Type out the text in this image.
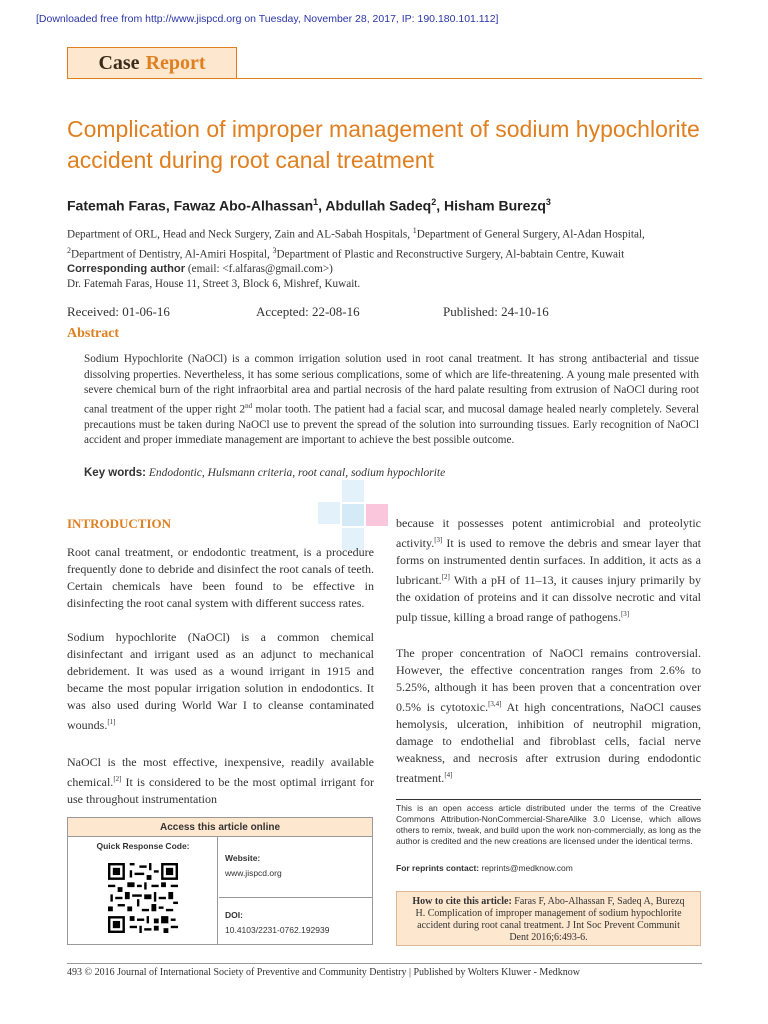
[Downloaded free from http://www.jispcd.org on Tuesday, November 28, 2017, IP: 190.180.101.112]
Case Report
Complication of improper management of sodium hypochlorite accident during root canal treatment
Fatemah Faras, Fawaz Abo-Alhassan$^1$, Abdullah Sadeq$^2$, Hisham Burezq$^3$
Department of ORL, Head and Neck Surgery, Zain and AL-Sabah Hospitals, $^1$Department of General Surgery, Al-Adan Hospital,
$^2$Department of Dentistry, Al-Amiri Hospital, $^3$Department of Plastic and Reconstructive Surgery, Al-babtain Centre, Kuwait
Corresponding author (email: <f.alfaras@gmail.com>)
Dr. Fatemah Faras, House 11, Street 3, Block 6, Mishref, Kuwait.
Received: 01-06-16	Accepted: 22-08-16	Published: 24-10-16
Abstract
Sodium Hypochlorite (NaOCl) is a common irrigation solution used in root canal treatment. It has strong antibacterial and tissue dissolving properties. Nevertheless, it has some serious complications, some of which are life-threatening. A young male presented with severe chemical burn of the right infraorbital area and partial necrosis of the hard palate resulting from extrusion of NaOCl during root canal treatment of the upper right 2nd molar tooth. The patient had a facial scar, and mucosal damage healed nearly completely. Several precautions must be taken during NaOCl use to prevent the spread of the solution into surrounding tissues. Early recognition of NaOCl accident and proper immediate management are important to achieve the best possible outcome.
Key words: Endodontic, Hulsmann criteria, root canal, sodium hypochlorite
INTRODUCTION

Root canal treatment, or endodontic treatment, is a procedure frequently done to debride and disinfect the root canals of teeth. Certain chemicals have been found to be effective in disinfecting the root canal system with different success rates.

Sodium hypochlorite (NaOCl) is a common chemical disinfectant and irrigant used as an adjunct to mechanical debridement. It was used as a wound irrigant in 1915 and became the most popular irrigation solution in endodontics. It was also used during World War I to cleanse contaminated wounds.[1]

NaOCl is the most effective, inexpensive, readily available chemical.[2] It is considered to be the most optimal irrigant for use throughout instrumentation

because it possesses potent antimicrobial and proteolytic activity.[3] It is used to remove the debris and smear layer that forms on instrumented dentin surfaces. In addition, it acts as a lubricant.[2] With a pH of 11–13, it causes injury primarily by the oxidation of proteins and it can dissolve necrotic and vital pulp tissue, killing a broad range of pathogens.[3]

The proper concentration of NaOCl remains controversial. However, the effective concentration ranges from 2.6% to 5.25%, although it has been proven that a concentration over 0.5% is cytotoxic.[3,4] At high concentrations, NaOCl causes hemolysis, ulceration, inhibition of neutrophil migration, damage to endothelial and fibroblast cells, facial nerve weakness, and necrosis after extrusion during endodontic treatment.[4]

Access this article online
Quick Response Code:
Website:
www.jispcd.org
DOI:
10.4103/2231-0762.192939
This is an open access article distributed under the terms of the Creative Commons Attribution-NonCommercial-ShareAlike 3.0 License, which allows others to remix, tweak, and build upon the work non-commercially, as long as the author is credited and the new creations are licensed under the identical terms.
For reprints contact: reprints@medknow.com
How to cite this article: Faras F, Abo-Alhassan F, Sadeq A, Burezq H. Complication of improper management of sodium hypochlorite accident during root canal treatment. J Int Soc Prevent Communit Dent 2016;6:493-6.
493 © 2016 Journal of International Society of Preventive and Community Dentistry | Published by Wolters Kluwer - Medknow
